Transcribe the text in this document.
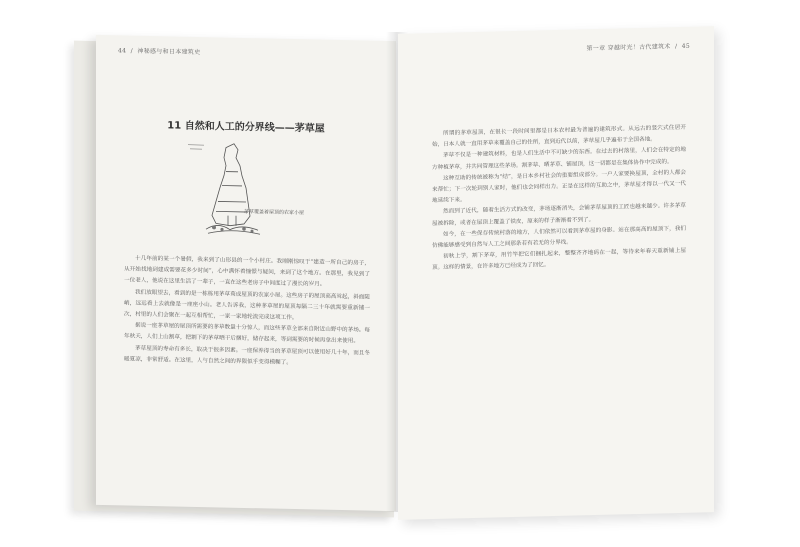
44  /  神秘感与和日本建筑史
11 自然和人工的分界线——茅草屋
茅草覆盖着屋顶的农家小屋

十几年前的某一个暑假，我来到了山形县的一个小村庄。我刚刚惊叹于“建造一所自己的房子，从开始找地到建成需要花多少时间”，心中满怀着憧憬与疑问，来到了这个地方。在那里，我见到了一位老人，他说在这里生活了一辈子，一直在这些老房子中间度过了漫长的岁月。

我们放眼望去，看到的是一栋栋用茅草葺成屋顶的农家小屋。这些房子的屋顶高高耸起，斜面陡峭，远远看上去就像是一座座小山。老人告诉我，这种茅草屋的屋顶每隔二三十年就需要重新铺一次，村里的人们会聚在一起互相帮忙，一家一家地轮流完成这项工作。

据说一座茅草屋的屋顶所需要的茅草数量十分惊人，而这些茅草全部来自附近山野中的茅场。每年秋天，人们上山割草，把割下的茅草晒干后捆好，储存起来，等到需要的时候再拿出来使用。

茅草屋顶的寿命有多长，取决于很多因素。一座保养得当的茅草屋顶可以使用好几十年，而且冬暖夏凉，非常舒适。在这里，人与自然之间的界限似乎变得模糊了。

第一章 穿越时光！古代建筑术  /  45

所谓的茅草屋顶，在很长一段时间里都是日本农村最为普遍的建筑形式。从远古的竖穴式住居开始，日本人就一直用茅草来覆盖自己的住所，直到近代以前，茅草屋几乎遍布于全国各地。

茅草不仅是一种建筑材料，也是人们生活中不可缺少的东西。在过去的村落里，人们会在特定的地方种植茅草，并共同管理这些茅场。割茅草、晒茅草、铺屋顶，这一切都是在集体协作中完成的。

这种互助的传统被称为“结”，是日本乡村社会的重要组成部分。一户人家要换屋顶，全村的人都会来帮忙；下一次轮到别人家时，他们也会同样出力。正是在这样的互助之中，茅草屋才得以一代又一代地延续下来。

然而到了近代，随着生活方式的改变，茅场逐渐消失，会铺茅草屋顶的工匠也越来越少。许多茅草屋被拆除，或者在屋顶上覆盖了铁皮，原来的样子渐渐看不到了。

如今，在一些保存传统村落的地方，人们依然可以看到茅草屋的身影。站在那高高的屋顶下，我们仿佛能够感受到自然与人工之间那条若有若无的分界线。

初秋上学，割下茅草，用竹竿把它们捆扎起来，整整齐齐地码在一起，等待来年春天重新铺上屋顶。这样的情景，在许多地方已经成为了回忆。
